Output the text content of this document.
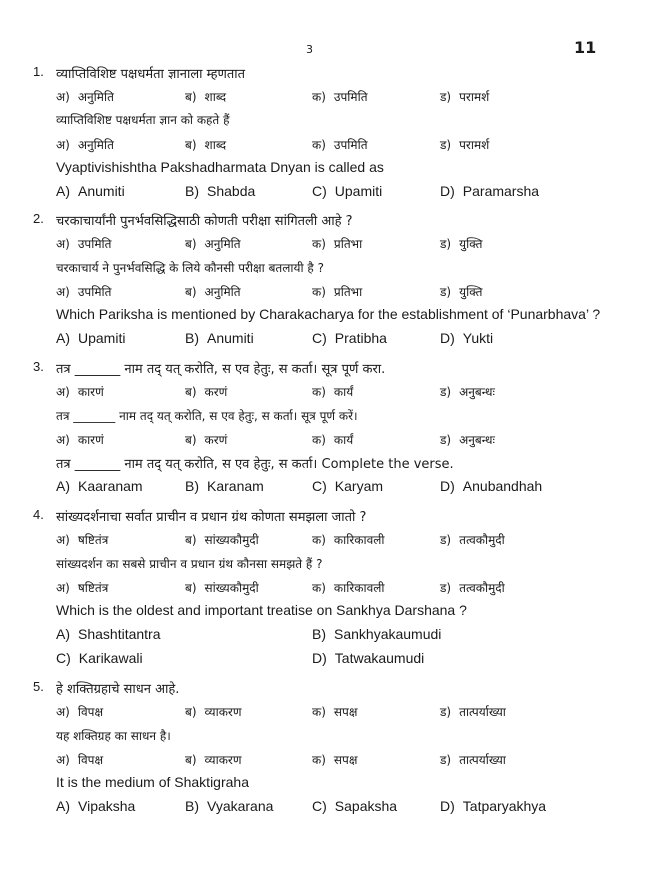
3	11
1. व्याप्तिविशिष्ट पक्षधर्मता ज्ञानाला म्हणतात
अ) अनुमिति	ब) शाब्द	क) उपमिति	ड) परामर्श
व्याप्तिविशिष्ट पक्षधर्मता ज्ञान को कहते हैं
अ) अनुमिति	ब) शाब्द	क) उपमिति	ड) परामर्श
Vyaptivishishtha Pakshadharmata Dnyan is called as
A) Anumiti	B) Shabda	C) Upamiti	D) Paramarsha
2. चरकाचार्यांनी पुनर्भवसिद्धिसाठी कोणती परीक्षा सांगितली आहे ?
अ) उपमिति	ब) अनुमिति	क) प्रतिभा	ड) युक्ति
चरकाचार्य ने पुनर्भवसिद्धि के लिये कौनसी परीक्षा बतलायी है ?
अ) उपमिति	ब) अनुमिति	क) प्रतिभा	ड) युक्ति
Which Pariksha is mentioned by Charakacharya for the establishment of ‘Punarbhava’ ?
A) Upamiti	B) Anumiti	C) Pratibha	D) Yukti
3. तत्र _______ नाम तद् यत् करोति, स एव हेतुः, स कर्ता। सूत्र पूर्ण करा.
अ) कारणं	ब) करणं	क) कार्यं	ड) अनुबन्धः
तत्र _______ नाम तद् यत् करोति, स एव हेतुः, स कर्ता। सूत्र पूर्ण करें।
अ) कारणं	ब) करणं	क) कार्यं	ड) अनुबन्धः
तत्र _______ नाम तद् यत् करोति, स एव हेतुः, स कर्ता। Complete the verse.
A) Kaaranam	B) Karanam	C) Karyam	D) Anubandhah
4. सांख्यदर्शनाचा सर्वात प्राचीन व प्रधान ग्रंथ कोणता समझला जातो ?
अ) षष्टितंत्र	ब) सांख्यकौमुदी	क) कारिकावली	ड) तत्वकौमुदी
सांख्यदर्शन का सबसे प्राचीन व प्रधान ग्रंथ कौनसा समझते हैं ?
अ) षष्टितंत्र	ब) सांख्यकौमुदी	क) कारिकावली	ड) तत्वकौमुदी
Which is the oldest and important treatise on Sankhya Darshana ?
A) Shashtitantra	B) Sankhyakaumudi
C) Karikawali	D) Tatwakaumudi
5. हे शक्तिग्रहाचे साधन आहे.
अ) विपक्ष	ब) व्याकरण	क) सपक्ष	ड) तात्पर्याख्या
यह शक्तिग्रह का साधन है।
अ) विपक्ष	ब) व्याकरण	क) सपक्ष	ड) तात्पर्याख्या
It is the medium of Shaktigraha
A) Vipaksha	B) Vyakarana	C) Sapaksha	D) Tatparyakhya
